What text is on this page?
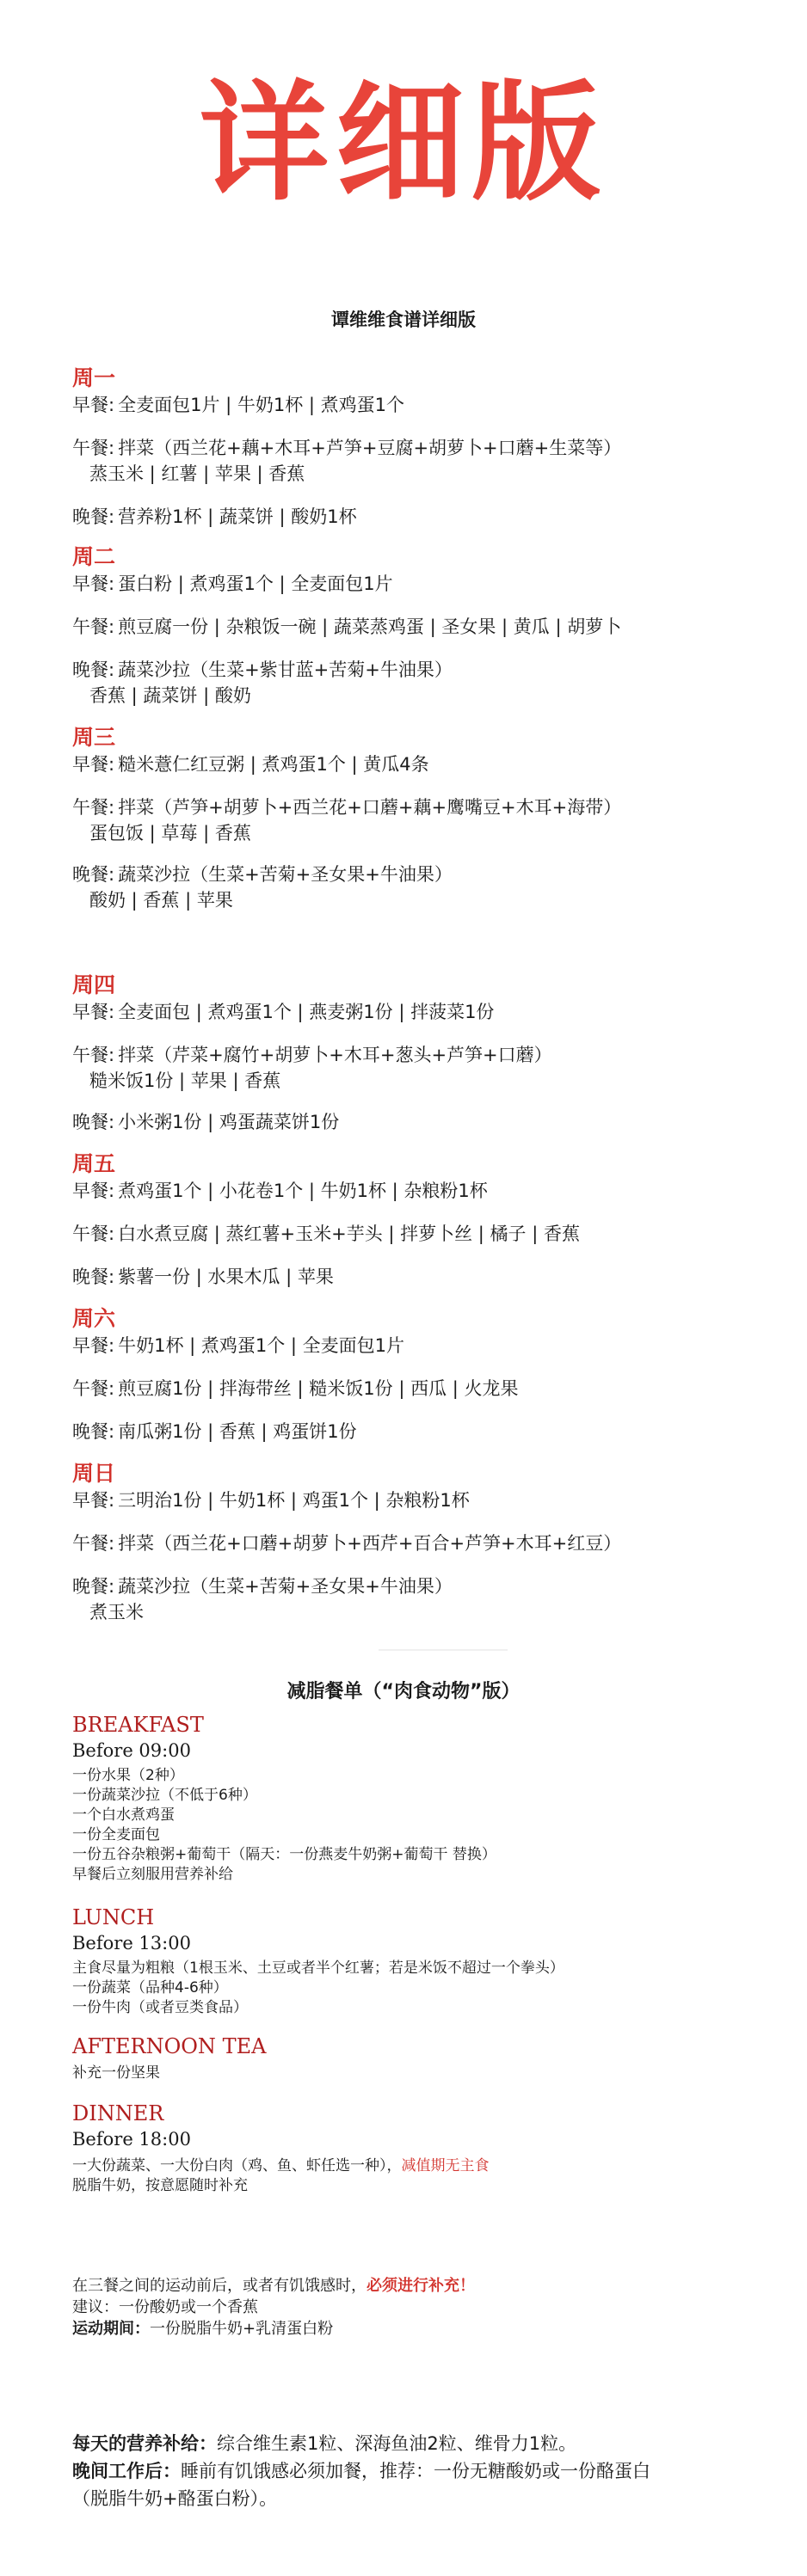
详细版
谭维维食谱详细版
周一
早餐: 全麦面包1片 | 牛奶1杯 | 煮鸡蛋1个
午餐: 拌菜（西兰花+藕+木耳+芦笋+豆腐+胡萝卜+口蘑+生菜等）
蒸玉米 | 红薯 | 苹果 | 香蕉
晚餐: 营养粉1杯 | 蔬菜饼 | 酸奶1杯
周二
早餐: 蛋白粉 | 煮鸡蛋1个 | 全麦面包1片
午餐: 煎豆腐一份 | 杂粮饭一碗 | 蔬菜蒸鸡蛋 | 圣女果 | 黄瓜 | 胡萝卜
晚餐: 蔬菜沙拉（生菜+紫甘蓝+苦菊+牛油果）
香蕉 | 蔬菜饼 | 酸奶
周三
早餐: 糙米薏仁红豆粥 | 煮鸡蛋1个 | 黄瓜4条
午餐: 拌菜（芦笋+胡萝卜+西兰花+口蘑+藕+鹰嘴豆+木耳+海带）
蛋包饭 | 草莓 | 香蕉
晚餐: 蔬菜沙拉（生菜+苦菊+圣女果+牛油果）
酸奶 | 香蕉 | 苹果
周四
早餐: 全麦面包 | 煮鸡蛋1个 | 燕麦粥1份 | 拌菠菜1份
午餐: 拌菜（芹菜+腐竹+胡萝卜+木耳+葱头+芦笋+口蘑）
糙米饭1份 | 苹果 | 香蕉
晚餐: 小米粥1份 | 鸡蛋蔬菜饼1份
周五
早餐: 煮鸡蛋1个 | 小花卷1个 | 牛奶1杯 | 杂粮粉1杯
午餐: 白水煮豆腐 | 蒸红薯+玉米+芋头 | 拌萝卜丝 | 橘子 | 香蕉
晚餐: 紫薯一份 | 水果木瓜 | 苹果
周六
早餐: 牛奶1杯 | 煮鸡蛋1个 | 全麦面包1片
午餐: 煎豆腐1份 | 拌海带丝 | 糙米饭1份 | 西瓜 | 火龙果
晚餐: 南瓜粥1份 | 香蕉 | 鸡蛋饼1份
周日
早餐: 三明治1份 | 牛奶1杯 | 鸡蛋1个 | 杂粮粉1杯
午餐: 拌菜（西兰花+口蘑+胡萝卜+西芹+百合+芦笋+木耳+红豆）
晚餐: 蔬菜沙拉（生菜+苦菊+圣女果+牛油果）
煮玉米
减脂餐单（“肉食动物”版）
BREAKFAST
Before 09:00
一份水果（2种）
一份蔬菜沙拉（不低于6种）
一个白水煮鸡蛋
一份全麦面包
一份五谷杂粮粥+葡萄干（隔天：一份燕麦牛奶粥+葡萄干 替换）
早餐后立刻服用营养补给
LUNCH
Before 13:00
主食尽量为粗粮（1根玉米、土豆或者半个红薯；若是米饭不超过一个拳头）
一份蔬菜（品种4-6种）
一份牛肉（或者豆类食品）
AFTERNOON TEA
补充一份坚果
DINNER
Before 18:00
一大份蔬菜、一大份白肉（鸡、鱼、虾任选一种），减值期无主食
脱脂牛奶，按意愿随时补充
在三餐之间的运动前后，或者有饥饿感时，必须进行补充！
建议：一份酸奶或一个香蕉
运动期间：一份脱脂牛奶+乳清蛋白粉
每天的营养补给：综合维生素1粒、深海鱼油2粒、维骨力1粒。
晚间工作后：睡前有饥饿感必须加餐，推荐：一份无糖酸奶或一份酪蛋白
（脱脂牛奶+酪蛋白粉）。
